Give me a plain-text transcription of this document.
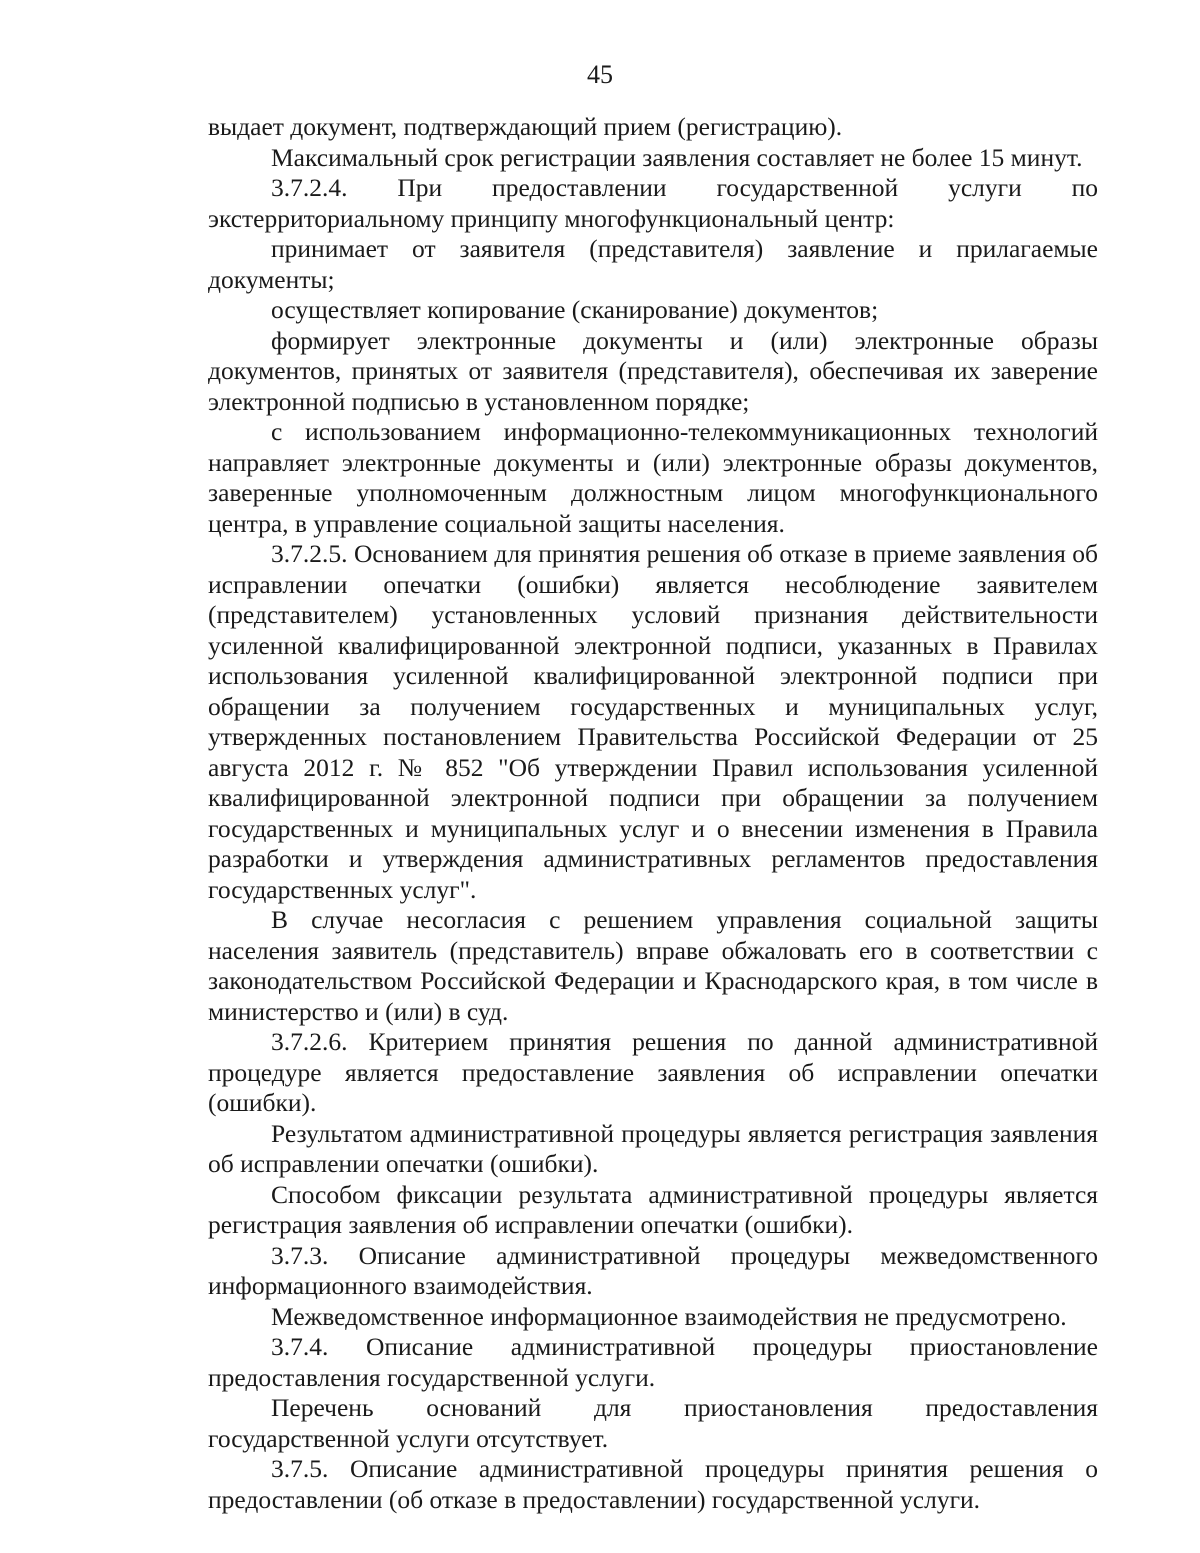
45

выдает документ, подтверждающий прием (регистрацию).

Максимальный срок регистрации заявления составляет не более 15 минут.

3.7.2.4. При предоставлении государственной услуги по экстерриториальному принципу многофункциональный центр:

принимает от заявителя (представителя) заявление и прилагаемые документы;

осуществляет копирование (сканирование) документов;

формирует электронные документы и (или) электронные образы документов, принятых от заявителя (представителя), обеспечивая их заверение электронной подписью в установленном порядке;

с использованием информационно-телекоммуникационных технологий направляет электронные документы и (или) электронные образы документов, заверенные уполномоченным должностным лицом многофункционального центра, в управление социальной защиты населения.

3.7.2.5. Основанием для принятия решения об отказе в приеме заявления об исправлении опечатки (ошибки) является несоблюдение заявителем (представителем) установленных условий признания действительности усиленной квалифицированной электронной подписи, указанных в Правилах использования усиленной квалифицированной электронной подписи при обращении за получением государственных и муниципальных услуг, утвержденных постановлением Правительства Российской Федерации от 25 августа 2012 г. № 852 "Об утверждении Правил использования усиленной квалифицированной электронной подписи при обращении за получением государственных и муниципальных услуг и о внесении изменения в Правила разработки и утверждения административных регламентов предоставления государственных услуг".

В случае несогласия с решением управления социальной защиты населения заявитель (представитель) вправе обжаловать его в соответствии с законодательством Российской Федерации и Краснодарского края, в том числе в министерство и (или) в суд.

3.7.2.6. Критерием принятия решения по данной административной процедуре является предоставление заявления об исправлении опечатки (ошибки).

Результатом административной процедуры является регистрация заявления об исправлении опечатки (ошибки).

Способом фиксации результата административной процедуры является регистрация заявления об исправлении опечатки (ошибки).

3.7.3. Описание административной процедуры межведомственного информационного взаимодействия.

Межведомственное информационное взаимодействия не предусмотрено.

3.7.4. Описание административной процедуры приостановление предоставления государственной услуги.

Перечень оснований для приостановления предоставления государственной услуги отсутствует.

3.7.5. Описание административной процедуры принятия решения о предоставлении (об отказе в предоставлении) государственной услуги.
